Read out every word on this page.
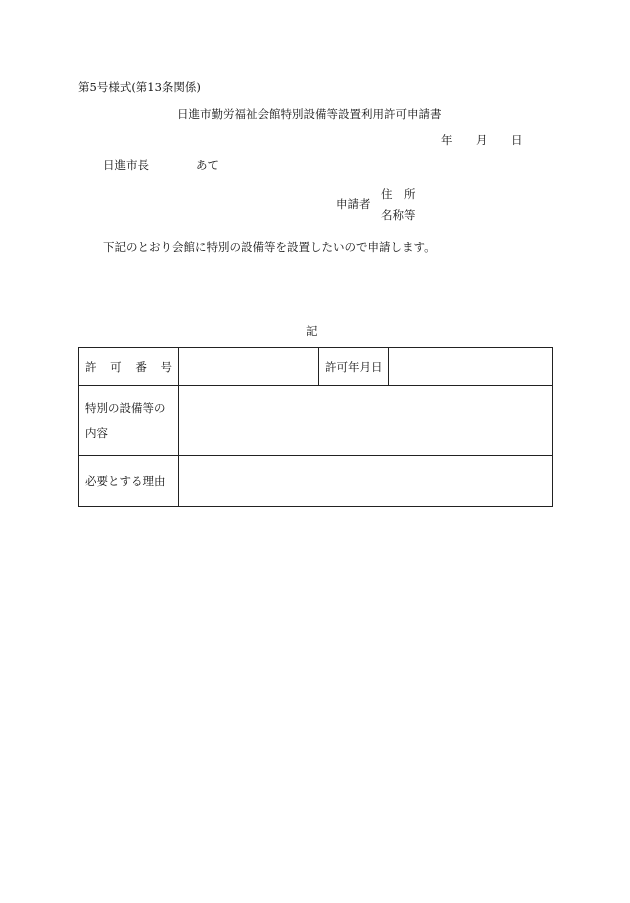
第5号様式(第13条関係)
日進市勤労福祉会館特別設備等設置利用許可申請書
年 月 日
日進市長	あて
申請者
住　所
名称等
下記のとおり会館に特別の設備等を設置したいので申請します。
記
許 可 番 号		許可年月日	

特別の設備等の
内容			

必要とする理由			
